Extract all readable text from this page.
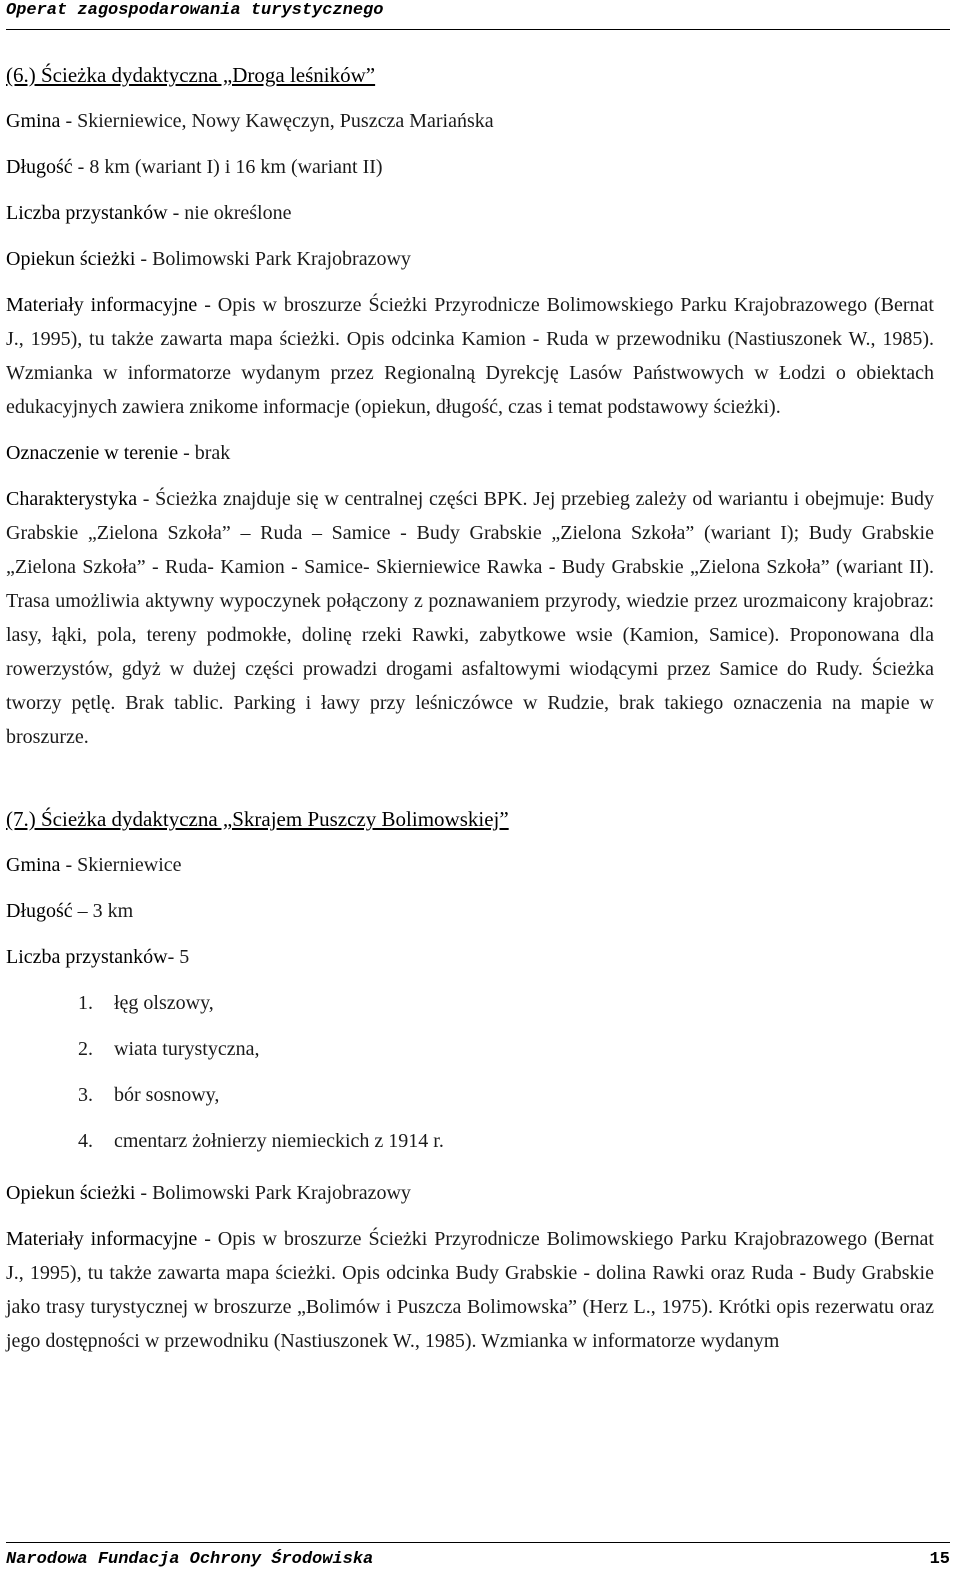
Operat zagospodarowania turystycznego

(6.) Ścieżka dydaktyczna „Droga leśników”

Gmina - Skierniewice, Nowy Kawęczyn, Puszcza Mariańska

Długość - 8 km (wariant I) i 16 km (wariant II)

Liczba przystanków - nie określone

Opiekun ścieżki - Bolimowski Park Krajobrazowy

Materiały informacyjne - Opis w broszurze Ścieżki Przyrodnicze Bolimowskiego Parku Krajobrazowego (Bernat J., 1995), tu także zawarta mapa ścieżki. Opis odcinka Kamion - Ruda w przewodniku (Nastiuszonek W., 1985). Wzmianka w informatorze wydanym przez Regionalną Dyrekcję Lasów Państwowych w Łodzi o obiektach edukacyjnych zawiera znikome informacje (opiekun, długość, czas i temat podstawowy ścieżki).

Oznaczenie w terenie - brak

Charakterystyka - Ścieżka znajduje się w centralnej części BPK. Jej przebieg zależy od wariantu i obejmuje: Budy Grabskie „Zielona Szkoła” – Ruda – Samice - Budy Grabskie „Zielona Szkoła” (wariant I); Budy Grabskie „Zielona Szkoła” - Ruda- Kamion - Samice- Skierniewice Rawka - Budy Grabskie „Zielona Szkoła” (wariant II). Trasa umożliwia aktywny wypoczynek połączony z poznawaniem przyrody, wiedzie przez urozmaicony krajobraz: lasy, łąki, pola, tereny podmokłe, dolinę rzeki Rawki, zabytkowe wsie (Kamion, Samice). Proponowana dla rowerzystów, gdyż w dużej części prowadzi drogami asfaltowymi wiodącymi przez Samice do Rudy. Ścieżka tworzy pętlę. Brak tablic. Parking i ławy przy leśniczówce w Rudzie, brak takiego oznaczenia na mapie w broszurze.

(7.) Ścieżka dydaktyczna „Skrajem Puszczy Bolimowskiej”

Gmina - Skierniewice

Długość – 3 km

Liczba przystanków- 5

1.	łęg olszowy,
2.	wiata turystyczna,
3.	bór sosnowy,
4.	cmentarz żołnierzy niemieckich z 1914 r.

Opiekun ścieżki - Bolimowski Park Krajobrazowy

Materiały informacyjne - Opis w broszurze Ścieżki Przyrodnicze Bolimowskiego Parku Krajobrazowego (Bernat J., 1995), tu także zawarta mapa ścieżki. Opis odcinka Budy Grabskie - dolina Rawki oraz Ruda - Budy Grabskie jako trasy turystycznej w broszurze „Bolimów i Puszcza Bolimowska” (Herz L., 1975). Krótki opis rezerwatu oraz jego dostępności w przewodniku (Nastiuszonek W., 1985). Wzmianka w informatorze wydanym

Narodowa Fundacja Ochrony Środowiska	15
